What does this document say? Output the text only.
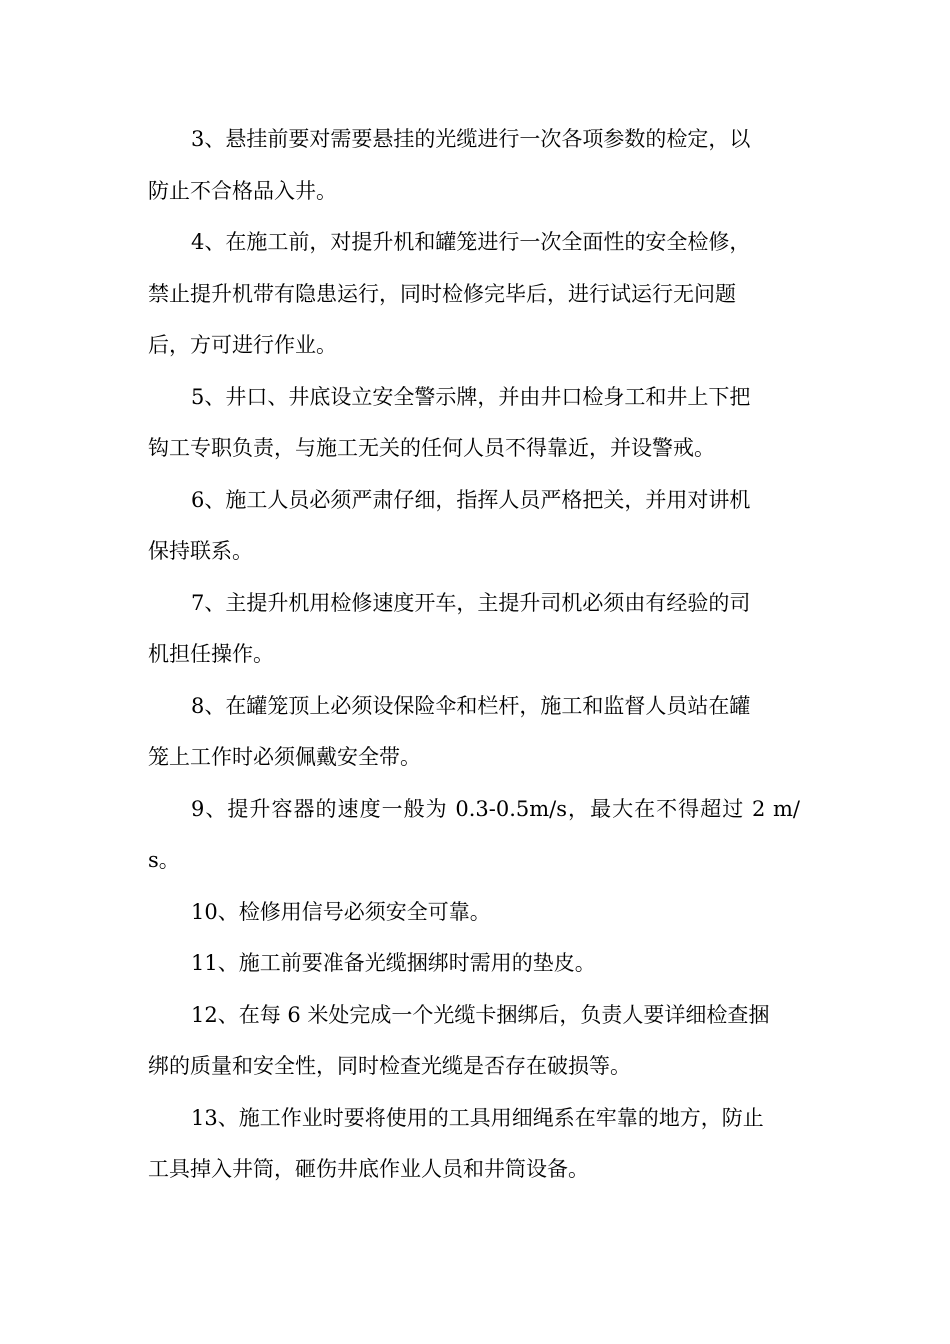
3、悬挂前要对需要悬挂的光缆进行一次各项参数的检定，以
防止不合格品入井。

4、在施工前，对提升机和罐笼进行一次全面性的安全检修，
禁止提升机带有隐患运行，同时检修完毕后，进行试运行无问题
后，方可进行作业。

5、井口、井底设立安全警示牌，并由井口检身工和井上下把
钩工专职负责，与施工无关的任何人员不得靠近，并设警戒。

6、施工人员必须严肃仔细，指挥人员严格把关，并用对讲机
保持联系。

7、主提升机用检修速度开车，主提升司机必须由有经验的司
机担任操作。

8、在罐笼顶上必须设保险伞和栏杆，施工和监督人员站在罐
笼上工作时必须佩戴安全带。

9、提升容器的速度一般为 0.3-0.5m/s，最大在不得超过 2 m/s。

10、检修用信号必须安全可靠。

11、施工前要准备光缆捆绑时需用的垫皮。

12、在每 6 米处完成一个光缆卡捆绑后，负责人要详细检查捆
绑的质量和安全性，同时检查光缆是否存在破损等。

13、施工作业时要将使用的工具用细绳系在牢靠的地方，防止
工具掉入井筒，砸伤井底作业人员和井筒设备。
